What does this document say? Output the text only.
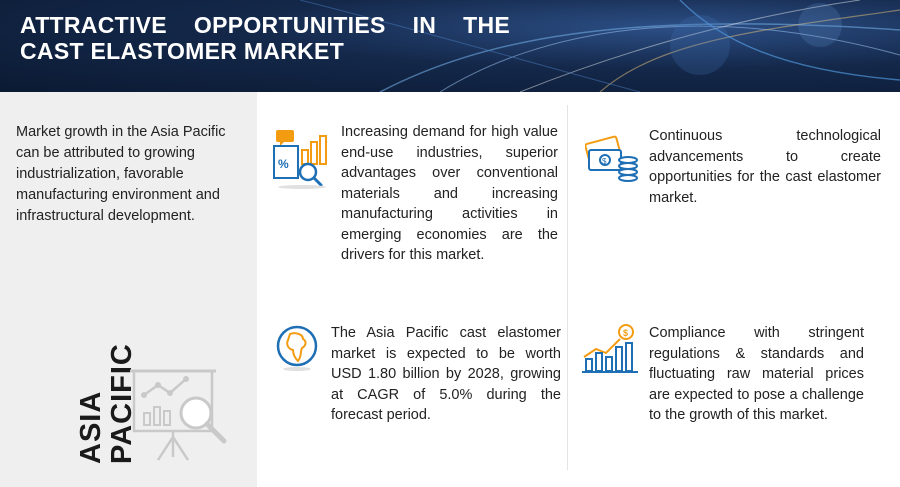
ATTRACTIVE OPPORTUNITIES IN THE CAST ELASTOMER MARKET

Market growth in the Asia Pacific can be attributed to growing industrialization, favorable manufacturing environment and infrastructural development.

ASIA
PACIFIC
%

Increasing demand for high value end-use industries, superior advantages over conventional materials and increasing manufacturing activities in emerging economies are the drivers for this market.

$

Continuous technological advancements to create opportunities for the cast elastomer market.

The Asia Pacific cast elastomer market is expected to be worth USD 1.80 billion by 2028, growing at CAGR of 5.0% during the forecast period.

$ Compliance with stringent regulations & standards and fluctuating raw material prices are expected to pose a challenge to the growth of this market.
